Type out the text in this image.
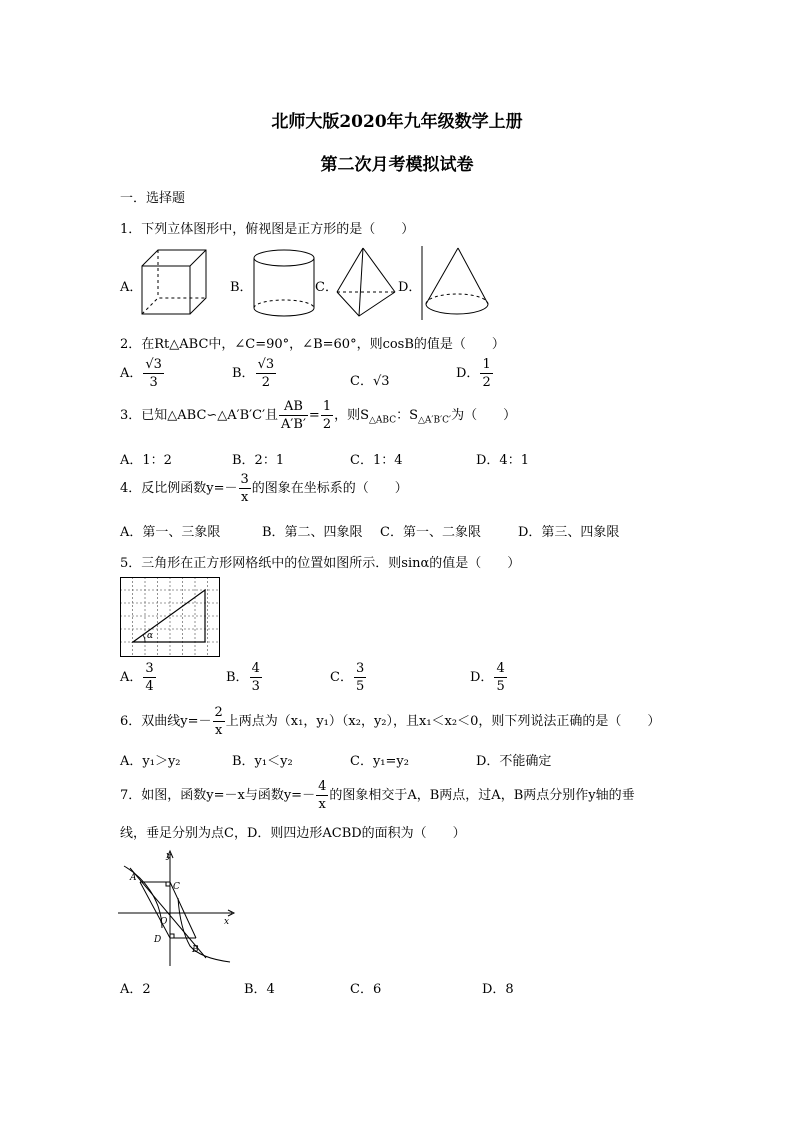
北师大版2020年九年级数学上册
第二次月考模拟试卷
一．选择题
1．下列立体图形中，俯视图是正方形的是（　　）
A．	B．	C．	D．
2．在Rt△ABC中，∠C=90°，∠B=60°，则cosB的值是（　　）
A． $\frac{√3}{3}$	B． $\frac{√3}{2}$	C．√3
D． $\frac{1}{2}$
3．已知△ABC∽△A′B′C′且 $\frac{AB}{A'B'} = \frac{1}{2}$ ，则$S_{\triangle ABC}$：$S_{\triangle A'B'C'}$为（　　）
A．1：2	B．2：1	C．1：4	D．4：1
4．反比例函数$y=- \frac{3}{x}$ 的图象在坐标系的（　　）
A．第一、三象限	B．第二、四象限 C．第一、二象限	D．第三、四象限
5．三角形在正方形网格纸中的位置如图所示．则sinα的值是（　　）
α
A． $\frac{3}{4}$	B． $\frac{4}{3}$	C． $\frac{3}{5}$	D． $\frac{4}{5}$
6．双曲线$y=- \frac{2}{x}$ 上两点为（x₁，y₁）（x₂，y₂），且x₁＜x₂＜0，则下列说法正确的是（　　）
A．y₁＞y₂	B．y₁＜y₂	C．y₁=y₂	D．不能确定
7．如图，函数y=－x与函数$y=- \frac{4}{x}$ 的图象相交于A，B两点，过A，B两点分别作y轴的垂
线，垂足分别为点C，D．则四边形ACBD的面积为（　　）
y
x
A
C
O
D
B
A．2	B．4	C．6	D．8
